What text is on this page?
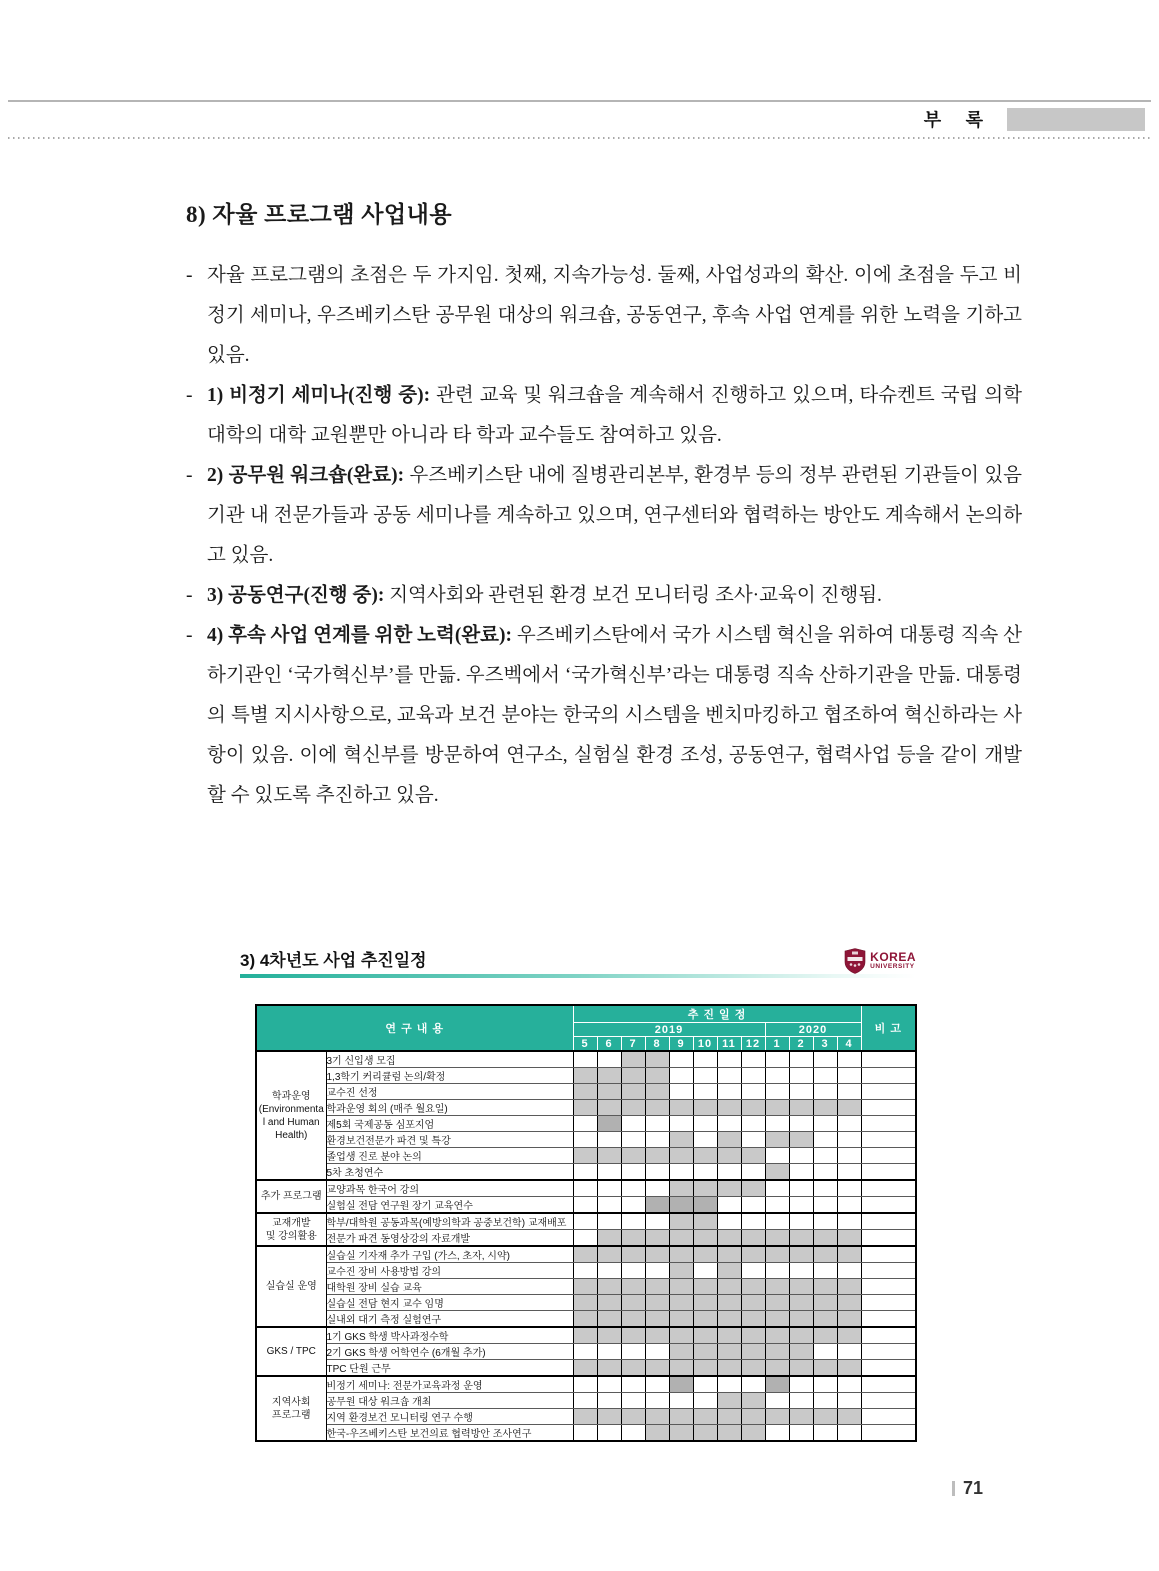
부 록
8) 자율 프로그램 사업내용
- 자율 프로그램의 초점은 두 가지임. 첫째, 지속가능성. 둘째, 사업성과의 확산. 이에 초점을 두고 비정기 세미나, 우즈베키스탄 공무원 대상의 워크숍, 공동연구, 후속 사업 연계를 위한 노력을 기하고 있음.

- 1) 비정기 세미나(진행 중): 관련 교육 및 워크숍을 계속해서 진행하고 있으며, 타슈켄트 국립 의학 대학의 대학 교원뿐만 아니라 타 학과 교수들도 참여하고 있음.

- 2) 공무원 워크숍(완료): 우즈베키스탄 내에 질병관리본부, 환경부 등의 정부 관련된 기관들이 있음 기관 내 전문가들과 공동 세미나를 계속하고 있으며, 연구센터와 협력하는 방안도 계속해서 논의하고 있음.

- 3) 공동연구(진행 중): 지역사회와 관련된 환경 보건 모니터링 조사·교육이 진행됨.

- 4) 후속 사업 연계를 위한 노력(완료): 우즈베키스탄에서 국가 시스템 혁신을 위하여 대통령 직속 산하기관인 ‘국가혁신부’를 만듦. 우즈벡에서 ‘국가혁신부’라는 대통령 직속 산하기관을 만듦. 대통령의 특별 지시사항으로, 교육과 보건 분야는 한국의 시스템을 벤치마킹하고 협조하여 혁신하라는 사항이 있음. 이에 혁신부를 방문하여 연구소, 실험실 환경 조성, 공동연구, 협력사업 등을 같이 개발할 수 있도록 추진하고 있음.

3) 4차년도 사업 추진일정	KOREA
UNIVERSITY
연 구 내 용		추 진 일 정												비 고
		2019								2020				
		5	6	7	8	9	10	11	12	1	2	3	4	

학과운영
(Environmenta
l and Human
Health)	3기 신입생 모집													
	1,3학기 커리큘럼 논의/확정													
	교수진 선정													
	학과운영 회의 (매주 월요일)													
	제5회 국제공동 심포지엄													
	환경보건전문가 파견 및 특강													
	졸업생 진로 분야 논의													
	5차 초청연수													

추가 프로그램	교양과목 한국어 강의													
	실험실 전담 연구원 장기 교육연수													

교재개발
및 강의활용	학부/대학원 공동과목(예방의학과 공중보건학) 교재배포													
	전문가 파견 동영상강의 자료개발													

실습실 운영	실습실 기자재 추가 구입 (가스, 초자, 시약)													
	교수진 장비 사용방법 강의													
	대학원 장비 실습 교육													
	실습실 전담 현지 교수 임명													
	실내외 대기 측정 실험연구													

GKS / TPC	1기 GKS 학생 박사과정수학													
	2기 GKS 학생 어학연수 (6개월 추가)													
	TPC 단원 근무													

지역사회
프로그램	비정기 세미나: 전문가교육과정 운영													
	공무원 대상 워크숍 개최													
	지역 환경보건 모니터링 연구 수행													
	한국-우즈베키스탄 보건의료 협력방안 조사연구													
71
